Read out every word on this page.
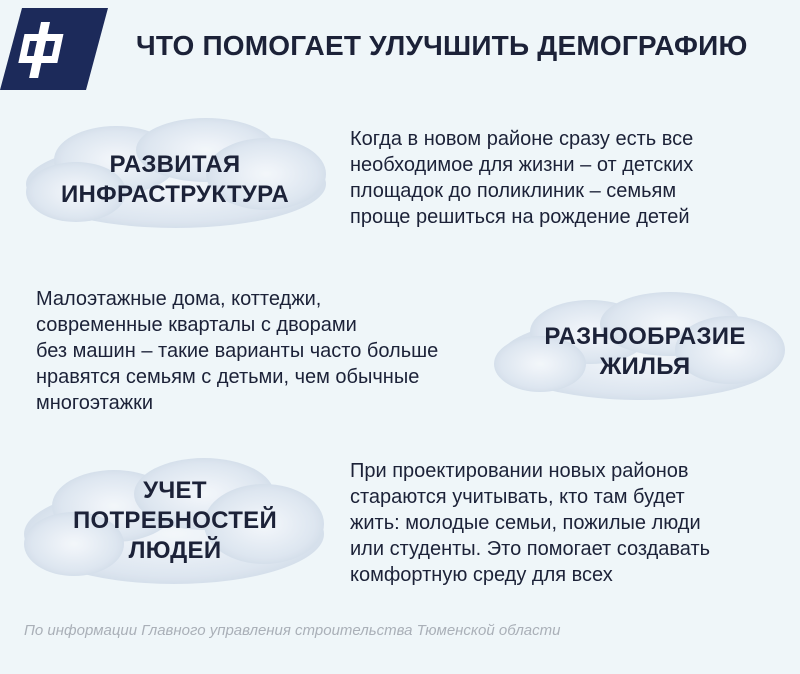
ЧТО ПОМОГАЕТ УЛУЧШИТЬ ДЕМОГРАФИЮ
РАЗВИТАЯ
ИНФРАСТРУКТУРА
Когда в новом районе сразу есть все
необходимое для жизни – от детских
площадок до поликлиник – семьям
проще решиться на рождение детей
РАЗНООБРАЗИЕ
ЖИЛЬЯ
Малоэтажные дома, коттеджи,
современные кварталы с дворами
без машин – такие варианты часто больше
нравятся семьям с детьми, чем обычные
многоэтажки
УЧЕТ
ПОТРЕБНОСТЕЙ
ЛЮДЕЙ
При проектировании новых районов
стараются учитывать, кто там будет
жить: молодые семьи, пожилые люди
или студенты. Это помогает создавать
комфортную среду для всех
По информации Главного управления строительства Тюменской области
